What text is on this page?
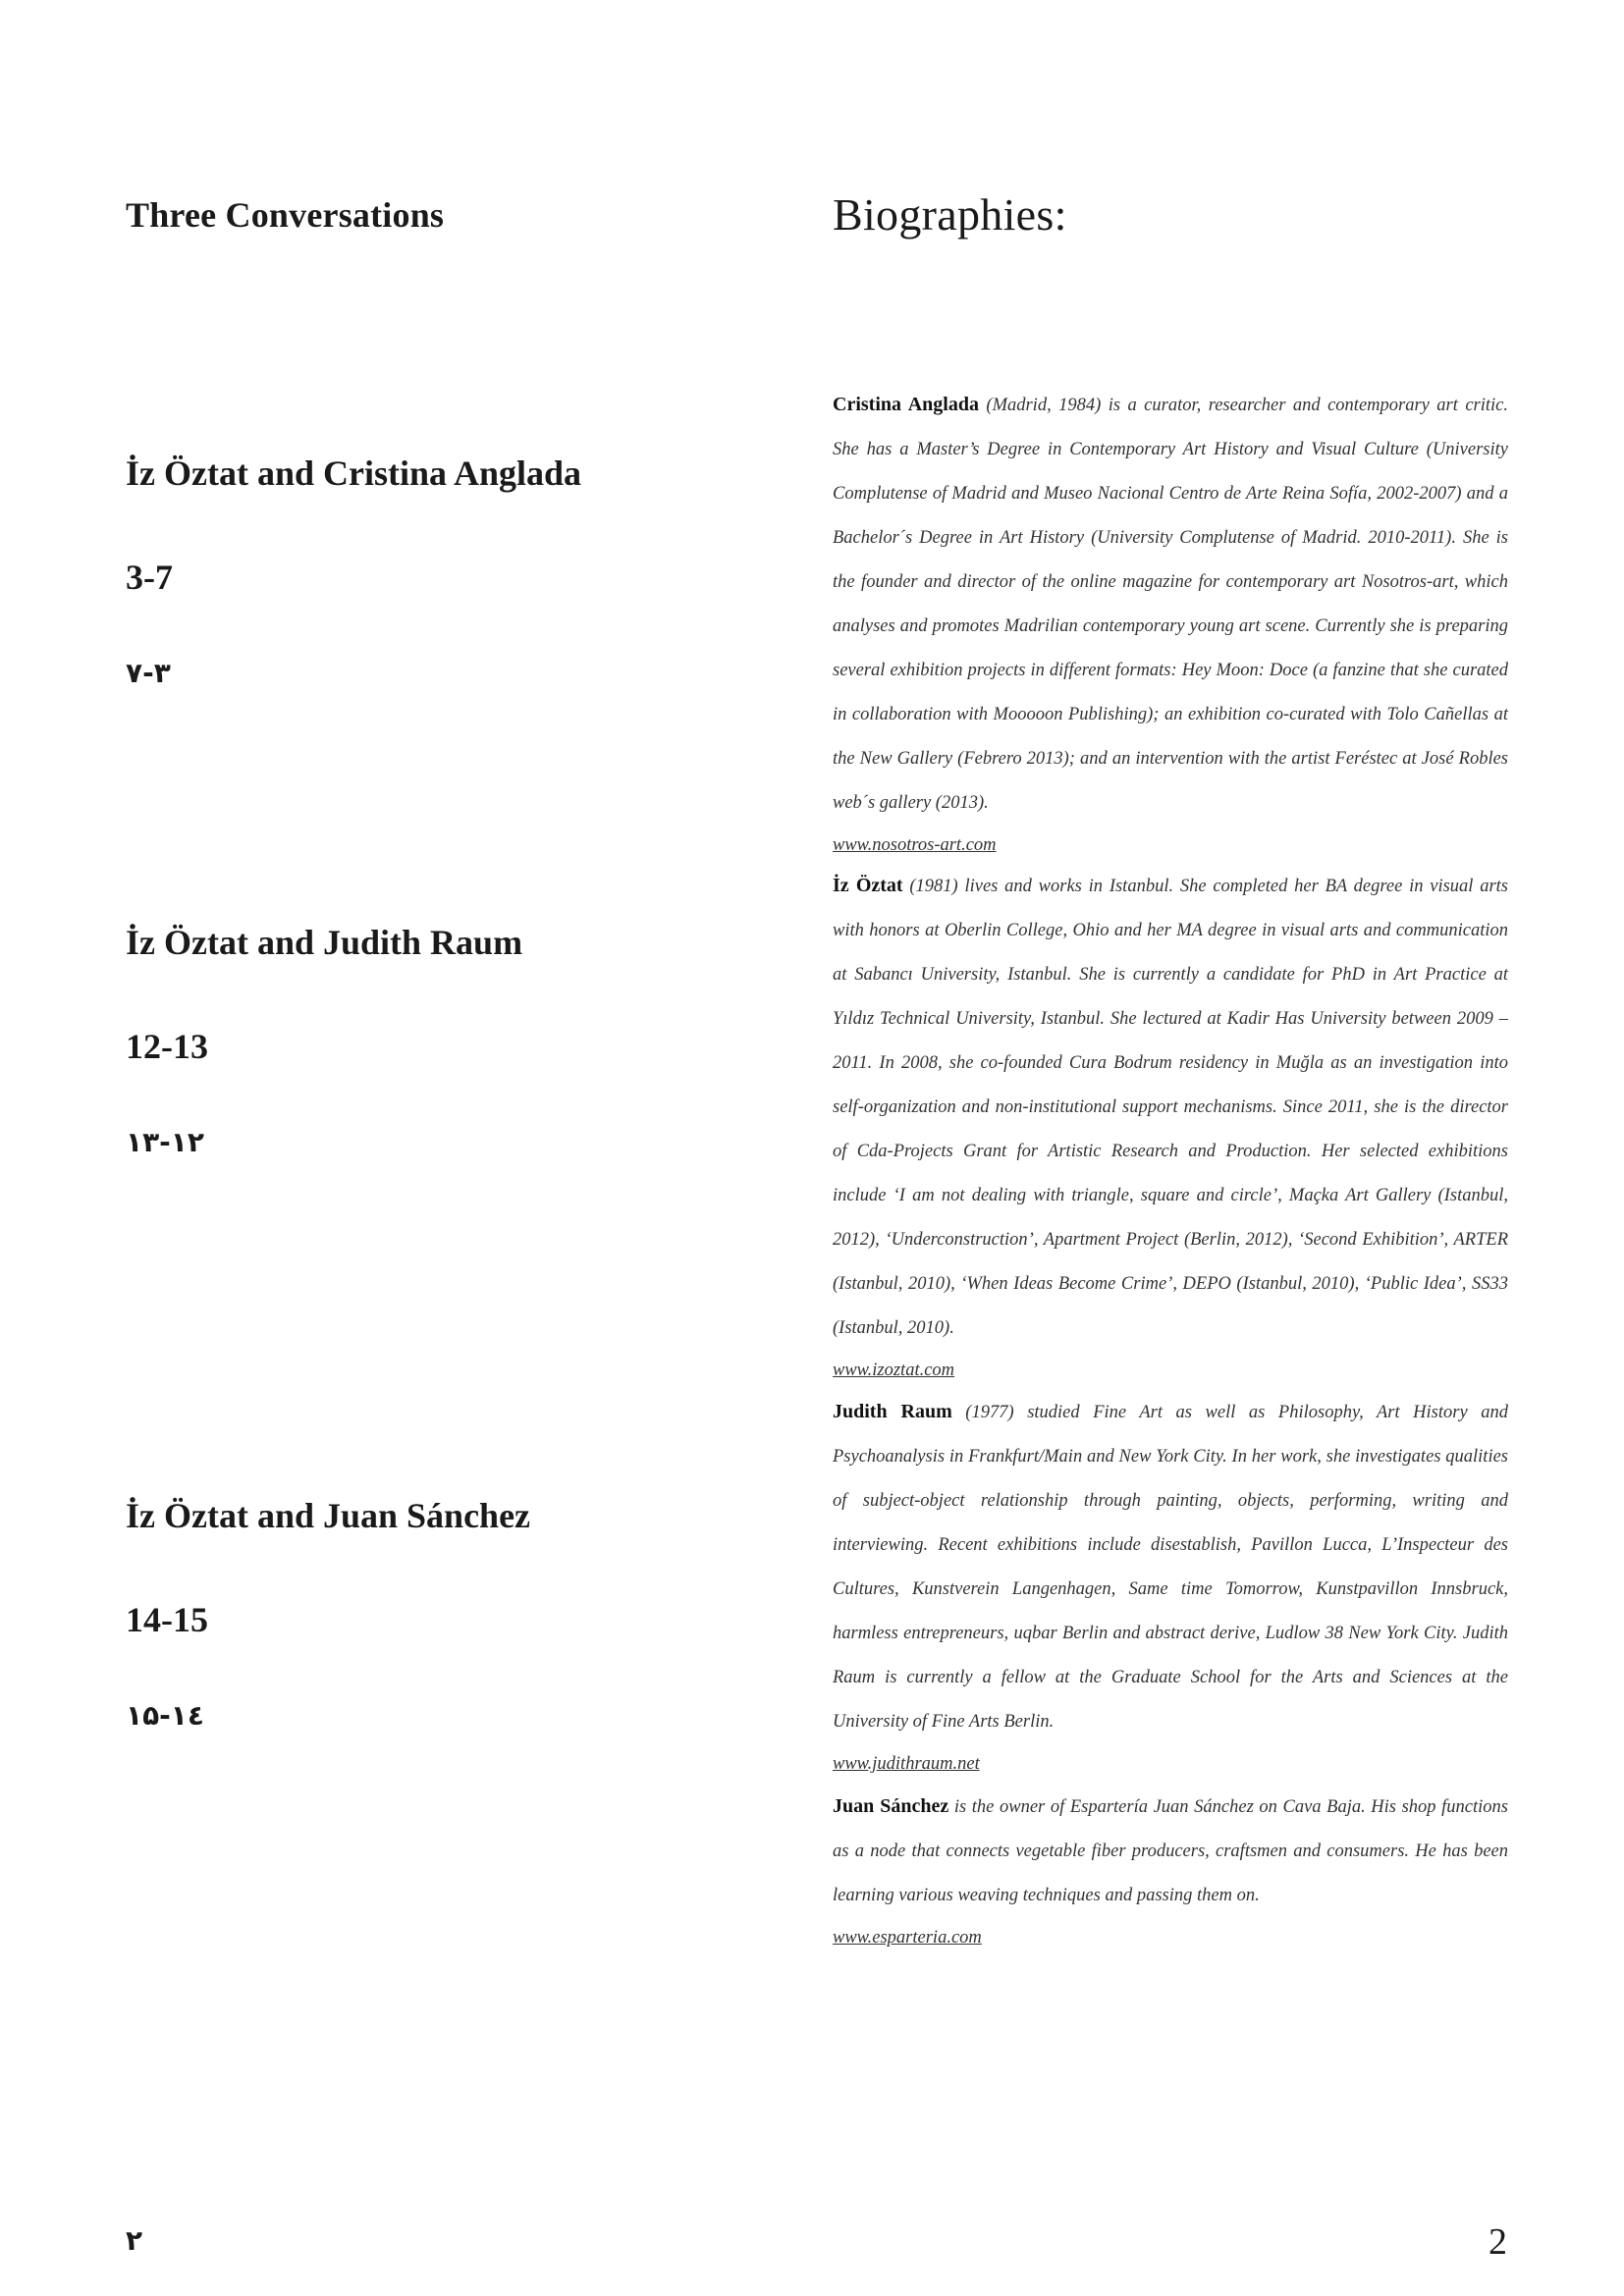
Three Conversations	Biographies:
İz Öztat and Cristina Anglada
3-7
۷-۳
İz Öztat and Judith Raum
12-13
۱۳-۱۲
İz Öztat and Juan Sánchez
14-15
۱۵-۱٤
Cristina Anglada (Madrid, 1984) is a curator, researcher and contemporary art critic. She has a Master’s Degree in Contemporary Art History and Visual Culture (University Complutense of Madrid and Museo Nacional Centro de Arte Reina Sofía, 2002-2007) and a Bachelor´s Degree in Art History (University Complutense of Madrid. 2010-2011). She is the founder and director of the online magazine for contemporary art Nosotros-art, which analyses and promotes Madrilian contemporary young art scene. Currently she is preparing several exhibition projects in different formats: Hey Moon: Doce (a fanzine that she curated in collaboration with Mooooon Publishing); an exhibition co-curated with Tolo Cañellas at the New Gallery (Febrero 2013); and an intervention with the artist Feréstec at José Robles web´s gallery (2013).
www.nosotros-art.com
İz Öztat (1981) lives and works in Istanbul. She completed her BA degree in visual arts with honors at Oberlin College, Ohio and her MA degree in visual arts and communication at Sabancı University, Istanbul. She is currently a candidate for PhD in Art Practice at Yıldız Technical University, Istanbul. She lectured at Kadir Has University between 2009 – 2011. In 2008, she co-founded Cura Bodrum residency in Muğla as an investigation into self-organization and non-institutional support mechanisms. Since 2011, she is the director of Cda-Projects Grant for Artistic Research and Production. Her selected exhibitions include ‘I am not dealing with triangle, square and circle’, Maçka Art Gallery (Istanbul, 2012), ‘Underconstruction’, Apartment Project (Berlin, 2012), ‘Second Exhibition’, ARTER (Istanbul, 2010), ‘When Ideas Become Crime’, DEPO (Istanbul, 2010), ‘Public Idea’, SS33 (Istanbul, 2010).
www.izoztat.com
Judith Raum (1977) studied Fine Art as well as Philosophy, Art History and Psychoanalysis in Frankfurt/Main and New York City. In her work, she investigates qualities of subject-object relationship through painting, objects, performing, writing and interviewing. Recent exhibitions include disestablish, Pavillon Lucca, L’Inspecteur des Cultures, Kunstverein Langenhagen, Same time Tomorrow, Kunstpavillon Innsbruck, harmless entrepreneurs, uqbar Berlin and abstract derive, Ludlow 38 New York City. Judith Raum is currently a fellow at the Graduate School for the Arts and Sciences at the University of Fine Arts Berlin.
www.judithraum.net
Juan Sánchez is the owner of Espartería Juan Sánchez on Cava Baja. His shop functions as a node that connects vegetable fiber producers, craftsmen and consumers. He has been learning various weaving techniques and passing them on.
www.esparteria.com
۲	2
